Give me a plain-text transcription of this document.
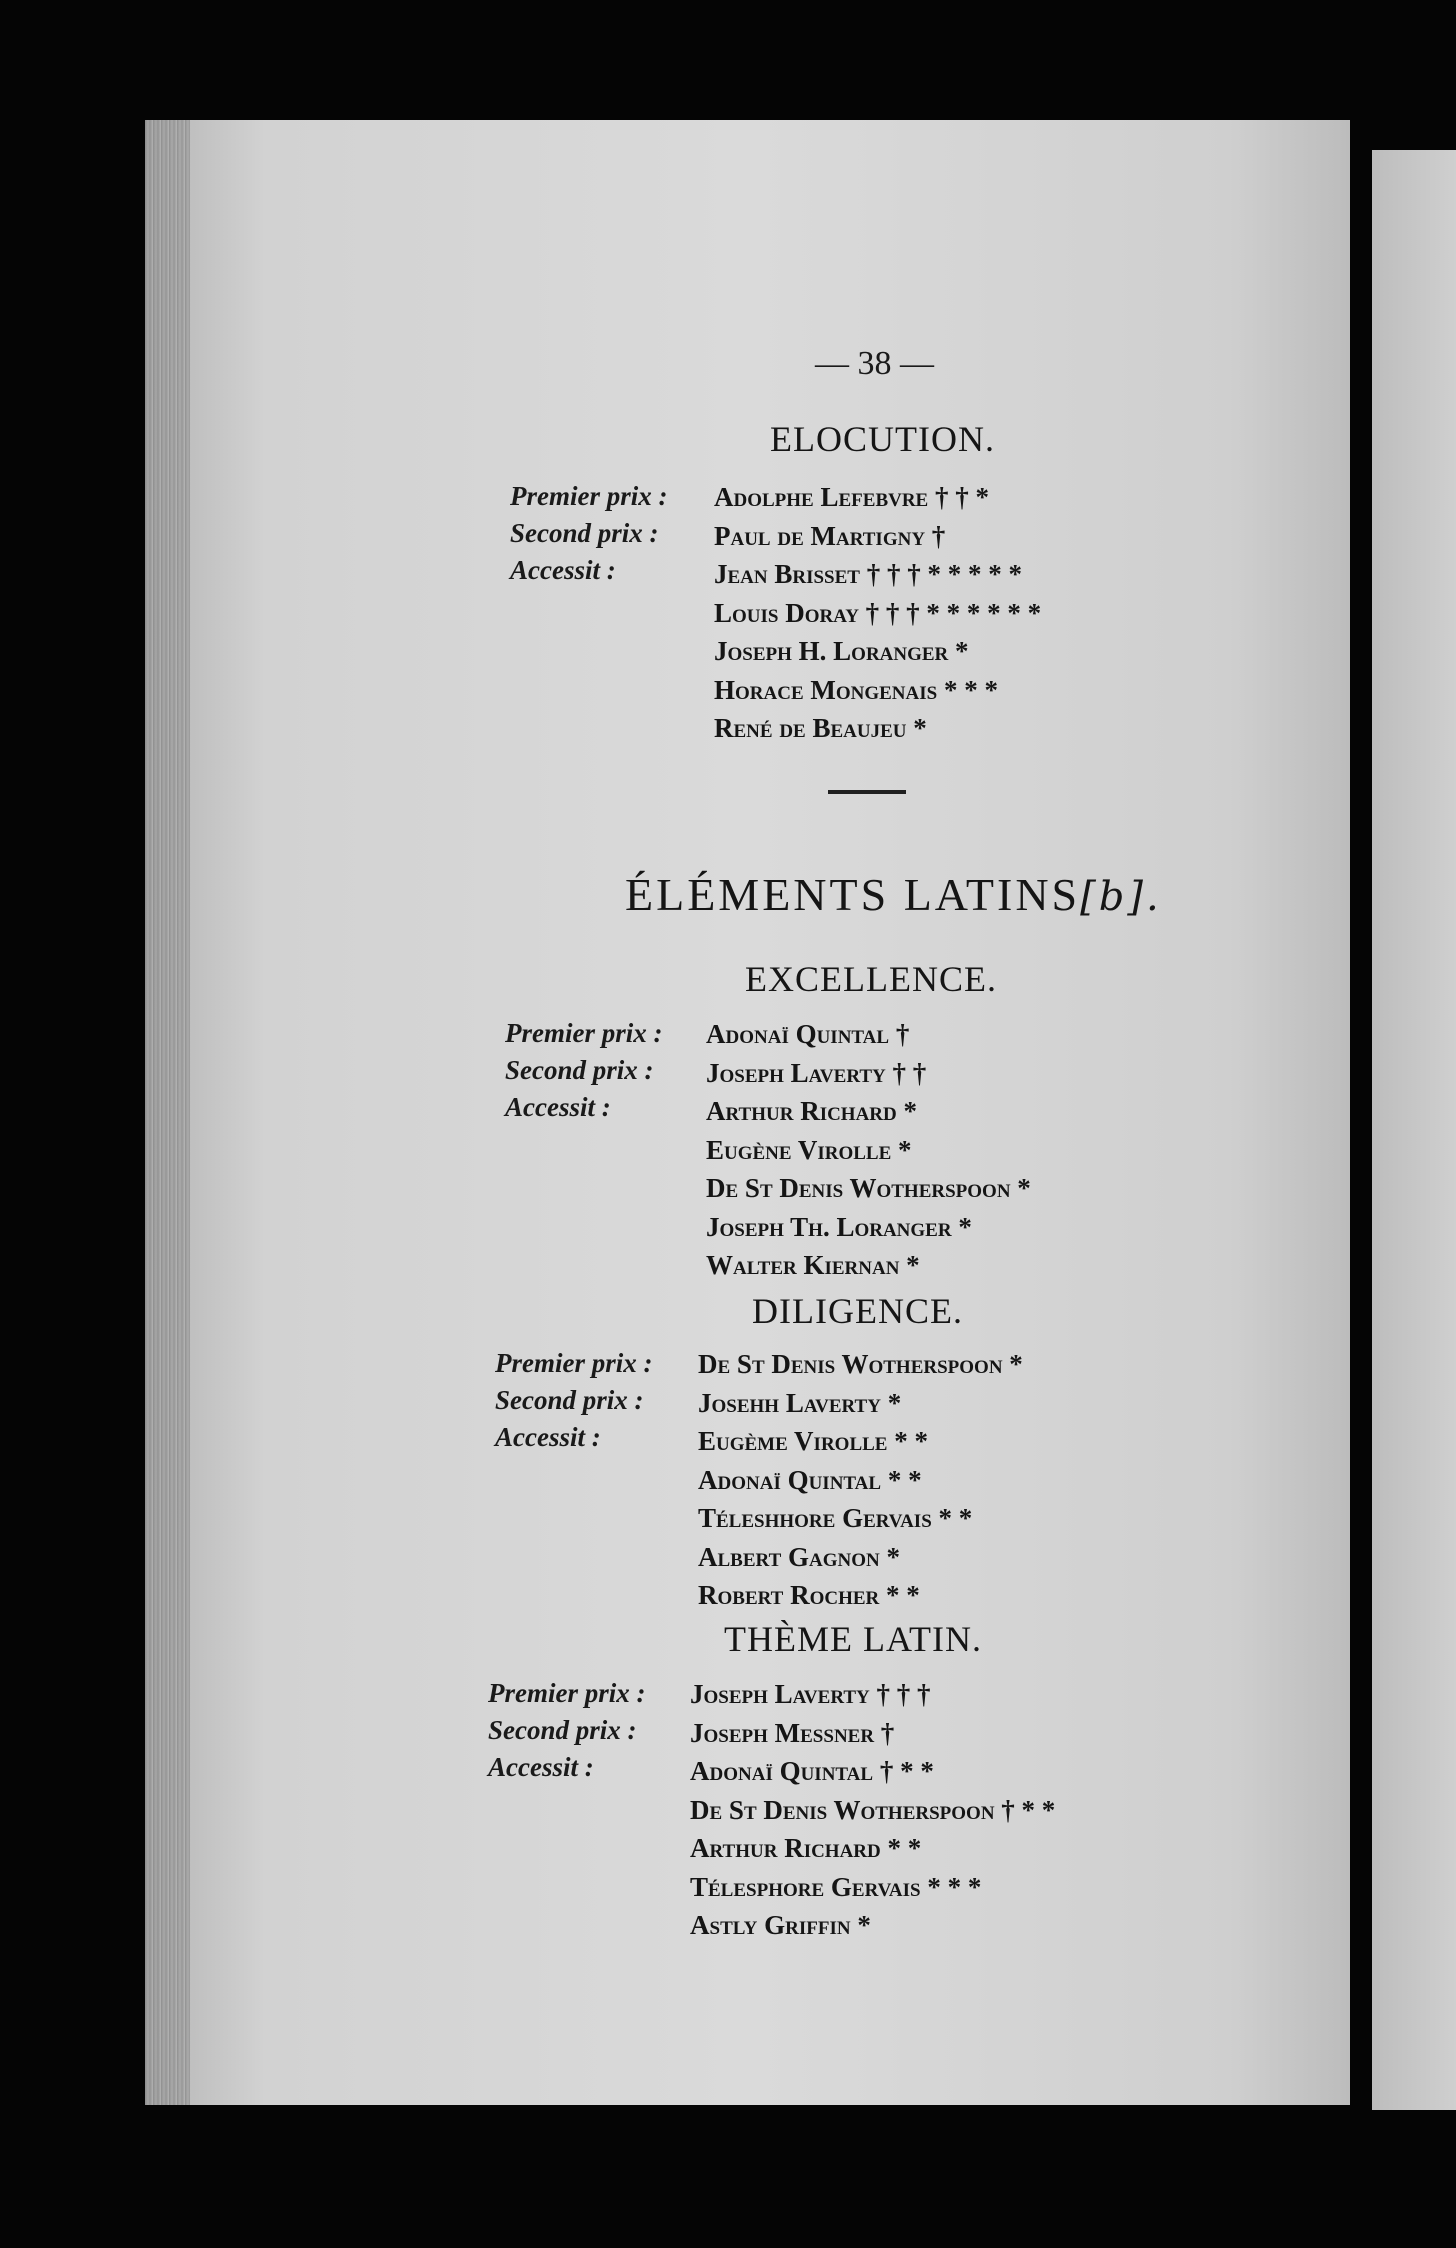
— 38 —
ELOCUTION.
Premier prix :
Second prix :
Accessit :
Adolphe Lefebvre † † *
Paul de Martigny †
Jean Brisset † † † * * * * *
Louis Doray † † † * * * * * *
Joseph H. Loranger *
Horace Mongenais * * *
René de Beaujeu *
ÉLÉMENTS LATINS[b].
EXCELLENCE.
Premier prix :
Second prix :
Accessit :
Adonaï Quintal †
Joseph Laverty † †
Arthur Richard *
Eugène Virolle *
De St Denis Wotherspoon *
Joseph Th. Loranger *
Walter Kiernan *
DILIGENCE.
Premier prix :
Second prix :
Accessit :
De St Denis Wotherspoon *
Josehh Laverty *
Eugème Virolle * *
Adonaï Quintal * *
Téleshhore Gervais * *
Albert Gagnon *
Robert Rocher * *
THÈME LATIN.
Premier prix :
Second prix :
Accessit :
Joseph Laverty † † †
Joseph Messner †
Adonaï Quintal † * *
De St Denis Wotherspoon † * *
Arthur Richard * *
Télesphore Gervais * * *
Astly Griffin *
